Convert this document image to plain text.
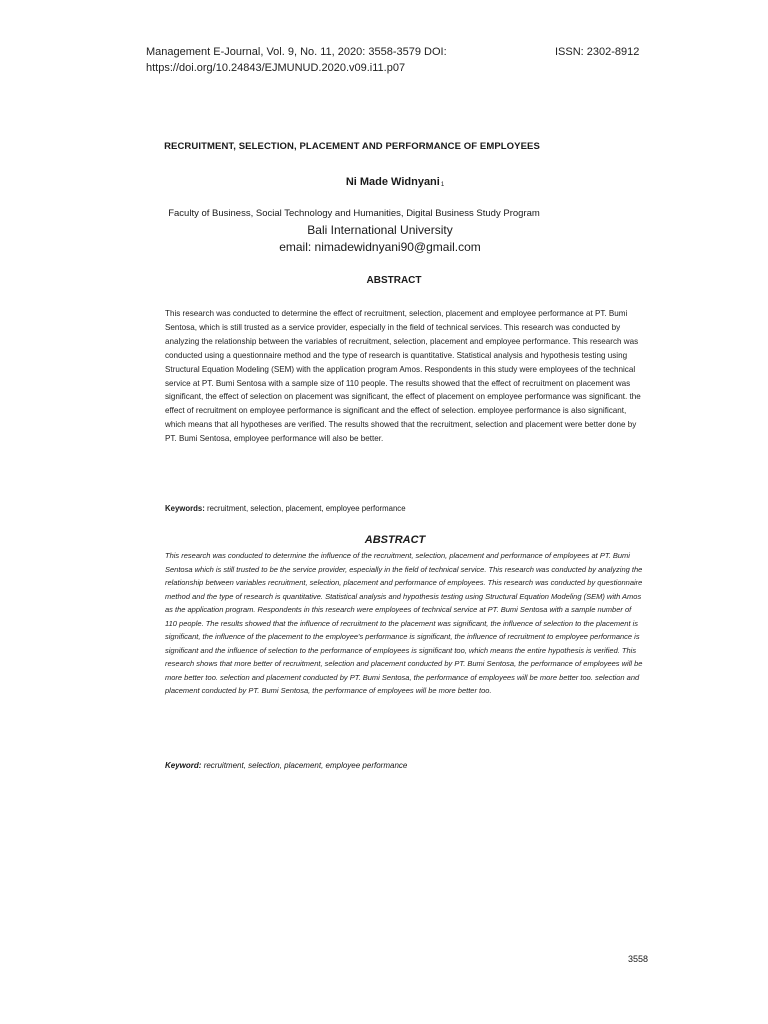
Management E-Journal, Vol. 9, No. 11, 2020: 3558-3579 DOI:
https://doi.org/10.24843/EJMUNUD.2020.v09.i11.p07
ISSN: 2302-8912
RECRUITMENT, SELECTION, PLACEMENT AND PERFORMANCE OF EMPLOYEES
Ni Made Widnyani$^1$
Faculty of Business, Social Technology and Humanities, Digital Business Study Program
Bali International University
email: nimadewidnyani90@gmail.com
ABSTRACT
This research was conducted to determine the effect of recruitment, selection, placement and employee performance at PT. Bumi Sentosa, which is still trusted as a service provider, especially in the field of technical services. This research was conducted by analyzing the relationship between the variables of recruitment, selection, placement and employee performance. This research was conducted using a questionnaire method and the type of research is quantitative. Statistical analysis and hypothesis testing using Structural Equation Modeling (SEM) with the application program Amos. Respondents in this study were employees of the technical service at PT. Bumi Sentosa with a sample size of 110 people. The results showed that the effect of recruitment on placement was significant, the effect of selection on placement was significant, the effect of placement on employee performance was significant. the effect of recruitment on employee performance is significant and the effect of selection. employee performance is also significant, which means that all hypotheses are verified. The results showed that the recruitment, selection and placement were better done by PT. Bumi Sentosa, employee performance will also be better.
Keywords: recruitment, selection, placement, employee performance
ABSTRACT
This research was conducted to determine the influence of the recruitment, selection, placement and performance of employees at PT. Bumi Sentosa which is still trusted to be the service provider, especially in the field of technical service. This research was conducted by analyzing the relationship between variables recruitment, selection, placement and performance of employees. This research was conducted by questionnaire method and the type of research is quantitative. Statistical analysis and hypothesis testing using Structural Equation Modeling (SEM) with Amos as the application program. Respondents in this research were employees of technical service at PT. Bumi Sentosa with a sample number of 110 people. The results showed that the influence of recruitment to the placement was significant, the influence of selection to the placement is significant, the influence of the placement to the employee's performance is significant, the influence of recruitment to employee performance is significant and the influence of selection to the performance of employees is significant too, which means the entire hypothesis is verified. This research shows that more better of recruitment, selection and placement conducted by PT. Bumi Sentosa, the performance of employees will be more better too. selection and placement conducted by PT. Bumi Sentosa, the performance of employees will be more better too. selection and placement conducted by PT. Bumi Sentosa, the performance of employees will be more better too.
Keyword: recruitment, selection, placement, employee performance
3558
